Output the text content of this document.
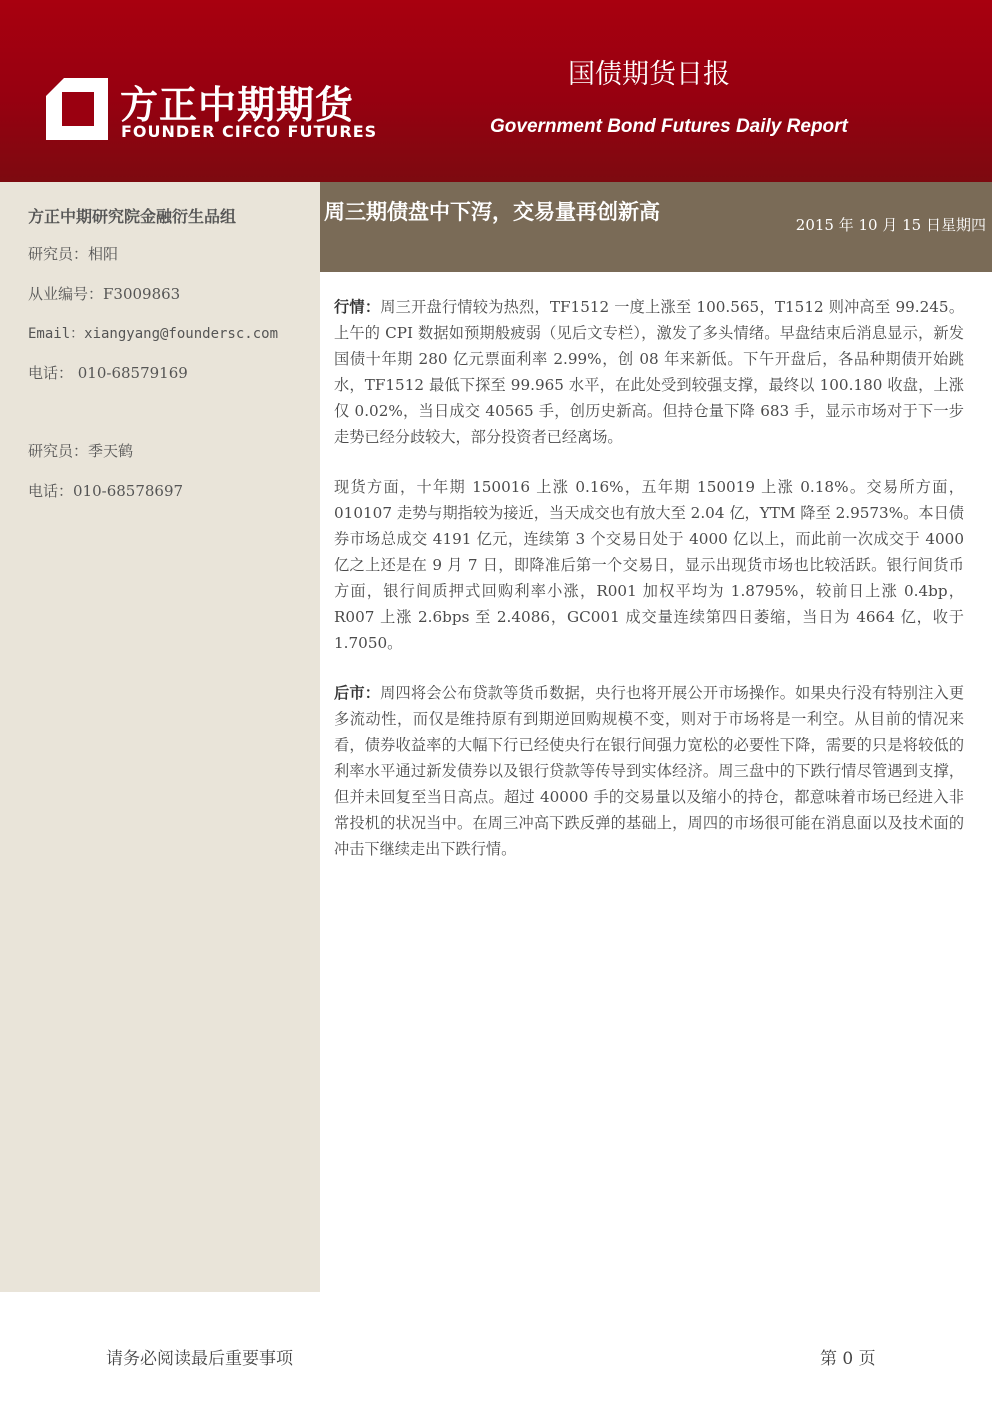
方正中期期货
FOUNDER CIFCO FUTURES
国债期货日报
Government Bond Futures Daily Report
方正中期研究院金融衍生品组
研究员：相阳
从业编号：F3009863
Email：xiangyang@foundersc.com
电话： 010-68579169
研究员：季天鹤
电话：010-68578697
周三期债盘中下泻，交易量再创新高
2015 年 10 月 15 日星期四

行情：周三开盘行情较为热烈，TF1512 一度上涨至 100.565，T1512 则冲高至 99.245。上午的 CPI 数据如预期般疲弱（见后文专栏），激发了多头情绪。早盘结束后消息显示，新发国债十年期 280 亿元票面利率 2.99%，创 08 年来新低。下午开盘后，各品种期债开始跳水，TF1512 最低下探至 99.965 水平，在此处受到较强支撑，最终以 100.180 收盘，上涨仅 0.02%，当日成交 40565 手，创历史新高。但持仓量下降 683 手，显示市场对于下一步走势已经分歧较大，部分投资者已经离场。

现货方面，十年期 150016 上涨 0.16%，五年期 150019 上涨 0.18%。交易所方面，010107 走势与期指较为接近，当天成交也有放大至 2.04 亿，YTM 降至 2.9573%。本日债券市场总成交 4191 亿元，连续第 3 个交易日处于 4000 亿以上，而此前一次成交于 4000 亿之上还是在 9 月 7 日，即降准后第一个交易日，显示出现货市场也比较活跃。银行间货币方面，银行间质押式回购利率小涨，R001 加权平均为 1.8795%，较前日上涨 0.4bp，R007 上涨 2.6bps 至 2.4086，GC001 成交量连续第四日萎缩，当日为 4664 亿，收于 1.7050。

后市：周四将会公布贷款等货币数据，央行也将开展公开市场操作。如果央行没有特别注入更多流动性，而仅是维持原有到期逆回购规模不变，则对于市场将是一利空。从目前的情况来看，债券收益率的大幅下行已经使央行在银行间强力宽松的必要性下降，需要的只是将较低的利率水平通过新发债券以及银行贷款等传导到实体经济。周三盘中的下跌行情尽管遇到支撑，但并未回复至当日高点。超过 40000 手的交易量以及缩小的持仓，都意味着市场已经进入非常投机的状况当中。在周三冲高下跌反弹的基础上，周四的市场很可能在消息面以及技术面的冲击下继续走出下跌行情。

请务必阅读最后重要事项	第 0 页
